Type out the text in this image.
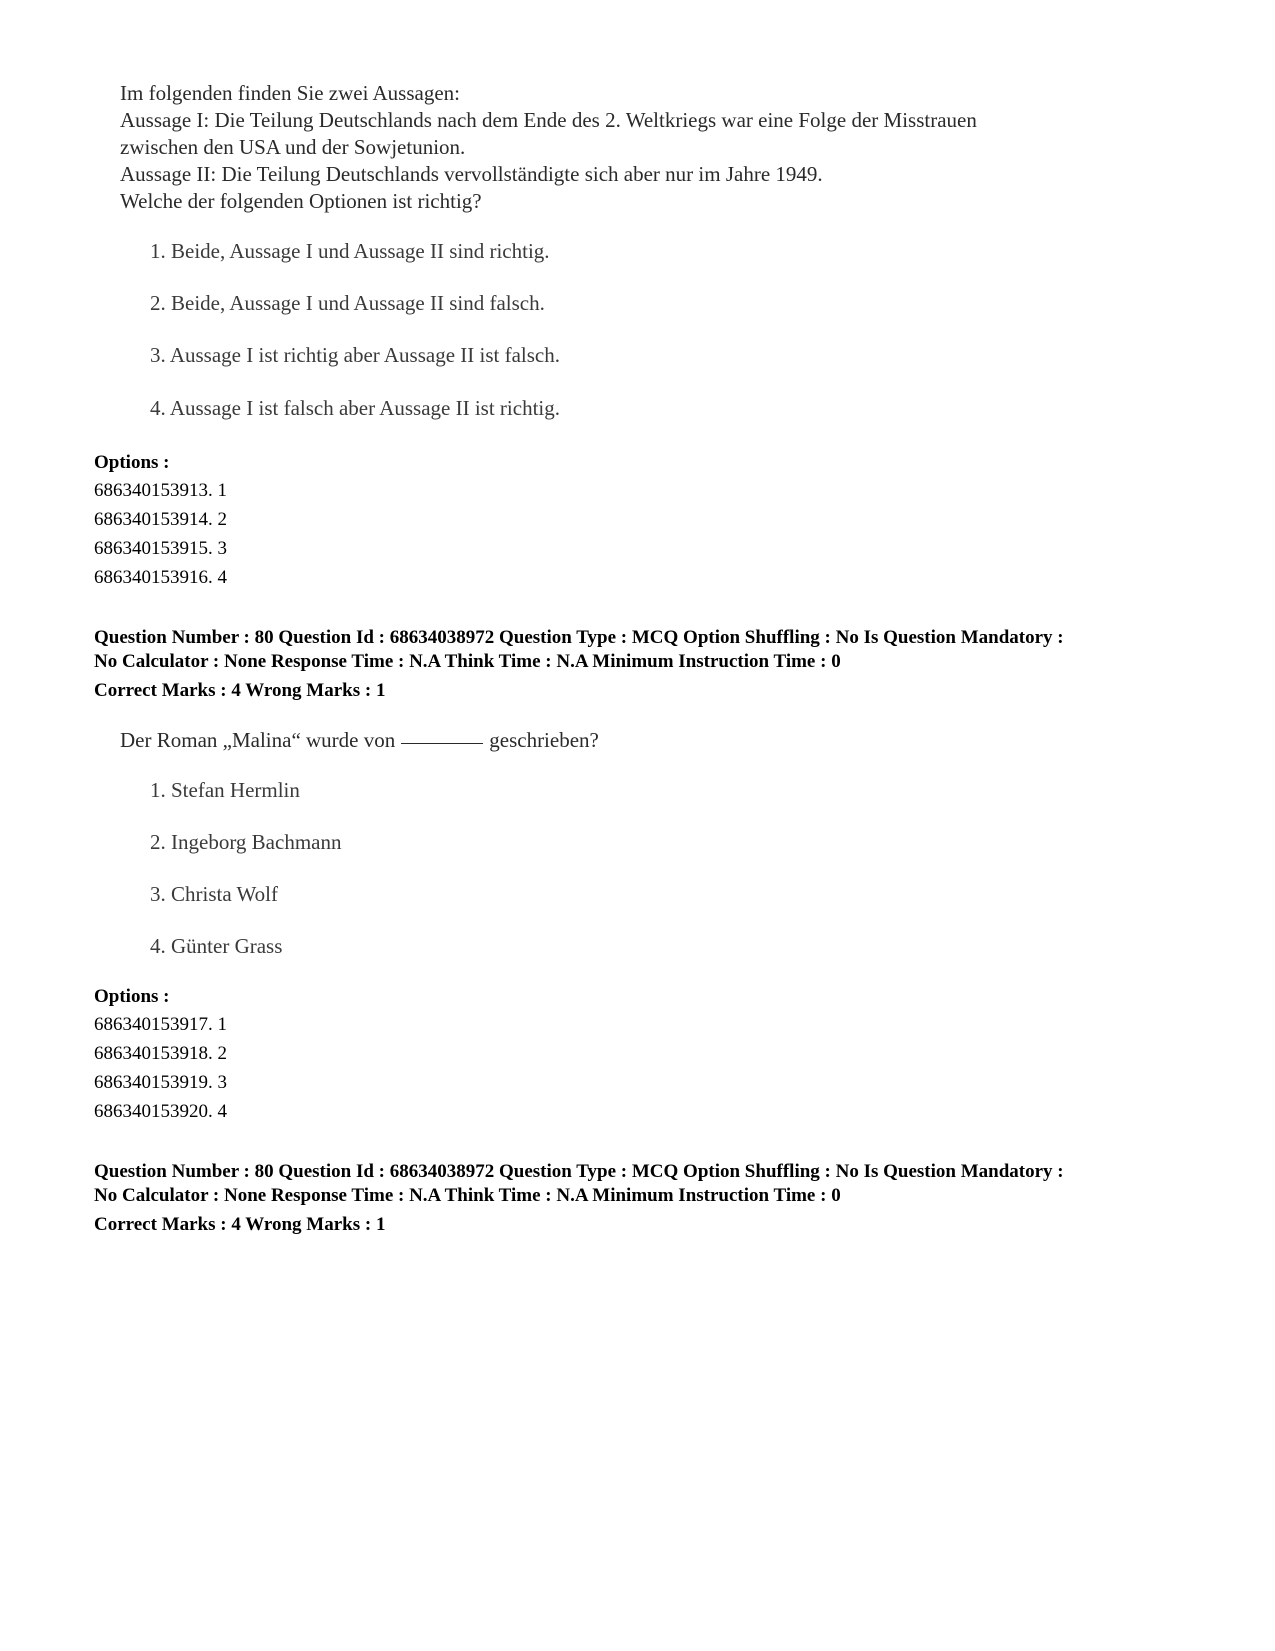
Im folgenden finden Sie zwei Aussagen:
Aussage I: Die Teilung Deutschlands nach dem Ende des 2. Weltkriegs war eine Folge der Misstrauen
zwischen den USA und der Sowjetunion.
Aussage II: Die Teilung Deutschlands vervollständigte sich aber nur im Jahre 1949.
Welche der folgenden Optionen ist richtig?
1. Beide, Aussage I und Aussage II sind richtig.
2. Beide, Aussage I und Aussage II sind falsch.
3. Aussage I ist richtig aber Aussage II ist falsch.
4. Aussage I ist falsch aber Aussage II ist richtig.
Options :
686340153913. 1
686340153914. 2
686340153915. 3
686340153916. 4
Question Number : 80 Question Id : 68634038972 Question Type : MCQ Option Shuffling : No Is Question Mandatory :
No Calculator : None Response Time : N.A Think Time : N.A Minimum Instruction Time : 0
Correct Marks : 4 Wrong Marks : 1
Der Roman „Malina“ wurde von	geschrieben?
1. Stefan Hermlin
2. Ingeborg Bachmann
3. Christa Wolf
4. Günter Grass
Options :
686340153917. 1
686340153918. 2
686340153919. 3
686340153920. 4
Question Number : 80 Question Id : 68634038972 Question Type : MCQ Option Shuffling : No Is Question Mandatory :
No Calculator : None Response Time : N.A Think Time : N.A Minimum Instruction Time : 0
Correct Marks : 4 Wrong Marks : 1
